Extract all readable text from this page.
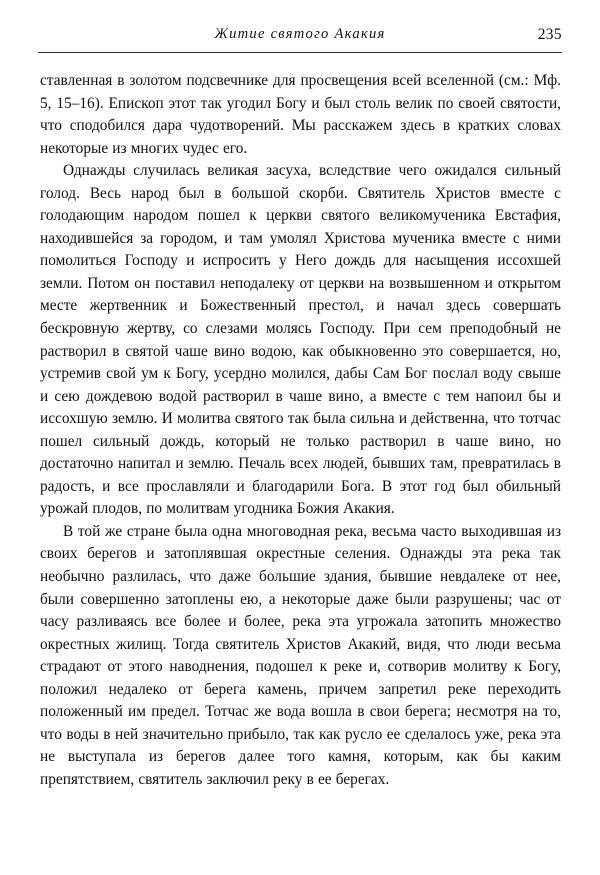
Житие святого Акакия	235

ставленная в золотом подсвечнике для просвещения всей вселенной (см.: Мф. 5, 15–16). Епископ этот так угодил Богу и был столь велик по своей святости, что сподобился дара чудотворений. Мы расскажем здесь в кратких словах некоторые из многих чудес его.

Однажды случилась великая засуха, вследствие чего ожидался сильный голод. Весь народ был в большой скорби. Святитель Христов вместе с голодающим народом пошел к церкви святого великомученика Евстафия, находившейся за городом, и там умолял Христова мученика вместе с ними помолиться Господу и испросить у Него дождь для насыщения иссохшей земли. Потом он поставил неподалеку от церкви на возвышенном и открытом месте жертвенник и Божественный престол, и начал здесь совершать бескровную жертву, со слезами молясь Господу. При сем преподобный не растворил в святой чаше вино водою, как обыкновенно это совершается, но, устремив свой ум к Богу, усердно молился, дабы Сам Бог послал воду свыше и сею дождевою водой растворил в чаше вино, а вместе с тем напоил бы и иссохшую землю. И молитва святого так была сильна и действенна, что тотчас пошел сильный дождь, который не только растворил в чаше вино, но достаточно напитал и землю. Печаль всех людей, бывших там, превратилась в радость, и все прославляли и благодарили Бога. В этот год был обильный урожай плодов, по молитвам угодника Божия Акакия.

В той же стране была одна многоводная река, весьма часто выходившая из своих берегов и затоплявшая окрестные селения. Однажды эта река так необычно разлилась, что даже большие здания, бывшие невдалеке от нее, были совершенно затоплены ею, а некоторые даже были разрушены; час от часу разливаясь все более и более, река эта угрожала затопить множество окрестных жилищ. Тогда святитель Христов Акакий, видя, что люди весьма страдают от этого наводнения, подошел к реке и, сотворив молитву к Богу, положил недалеко от берега камень, причем запретил реке переходить положенный им предел. Тотчас же вода вошла в свои берега; несмотря на то, что воды в ней значительно прибыло, так как русло ее сделалось уже, река эта не выступала из берегов далее того камня, которым, как бы каким препятствием, святитель заключил реку в ее берегах.
